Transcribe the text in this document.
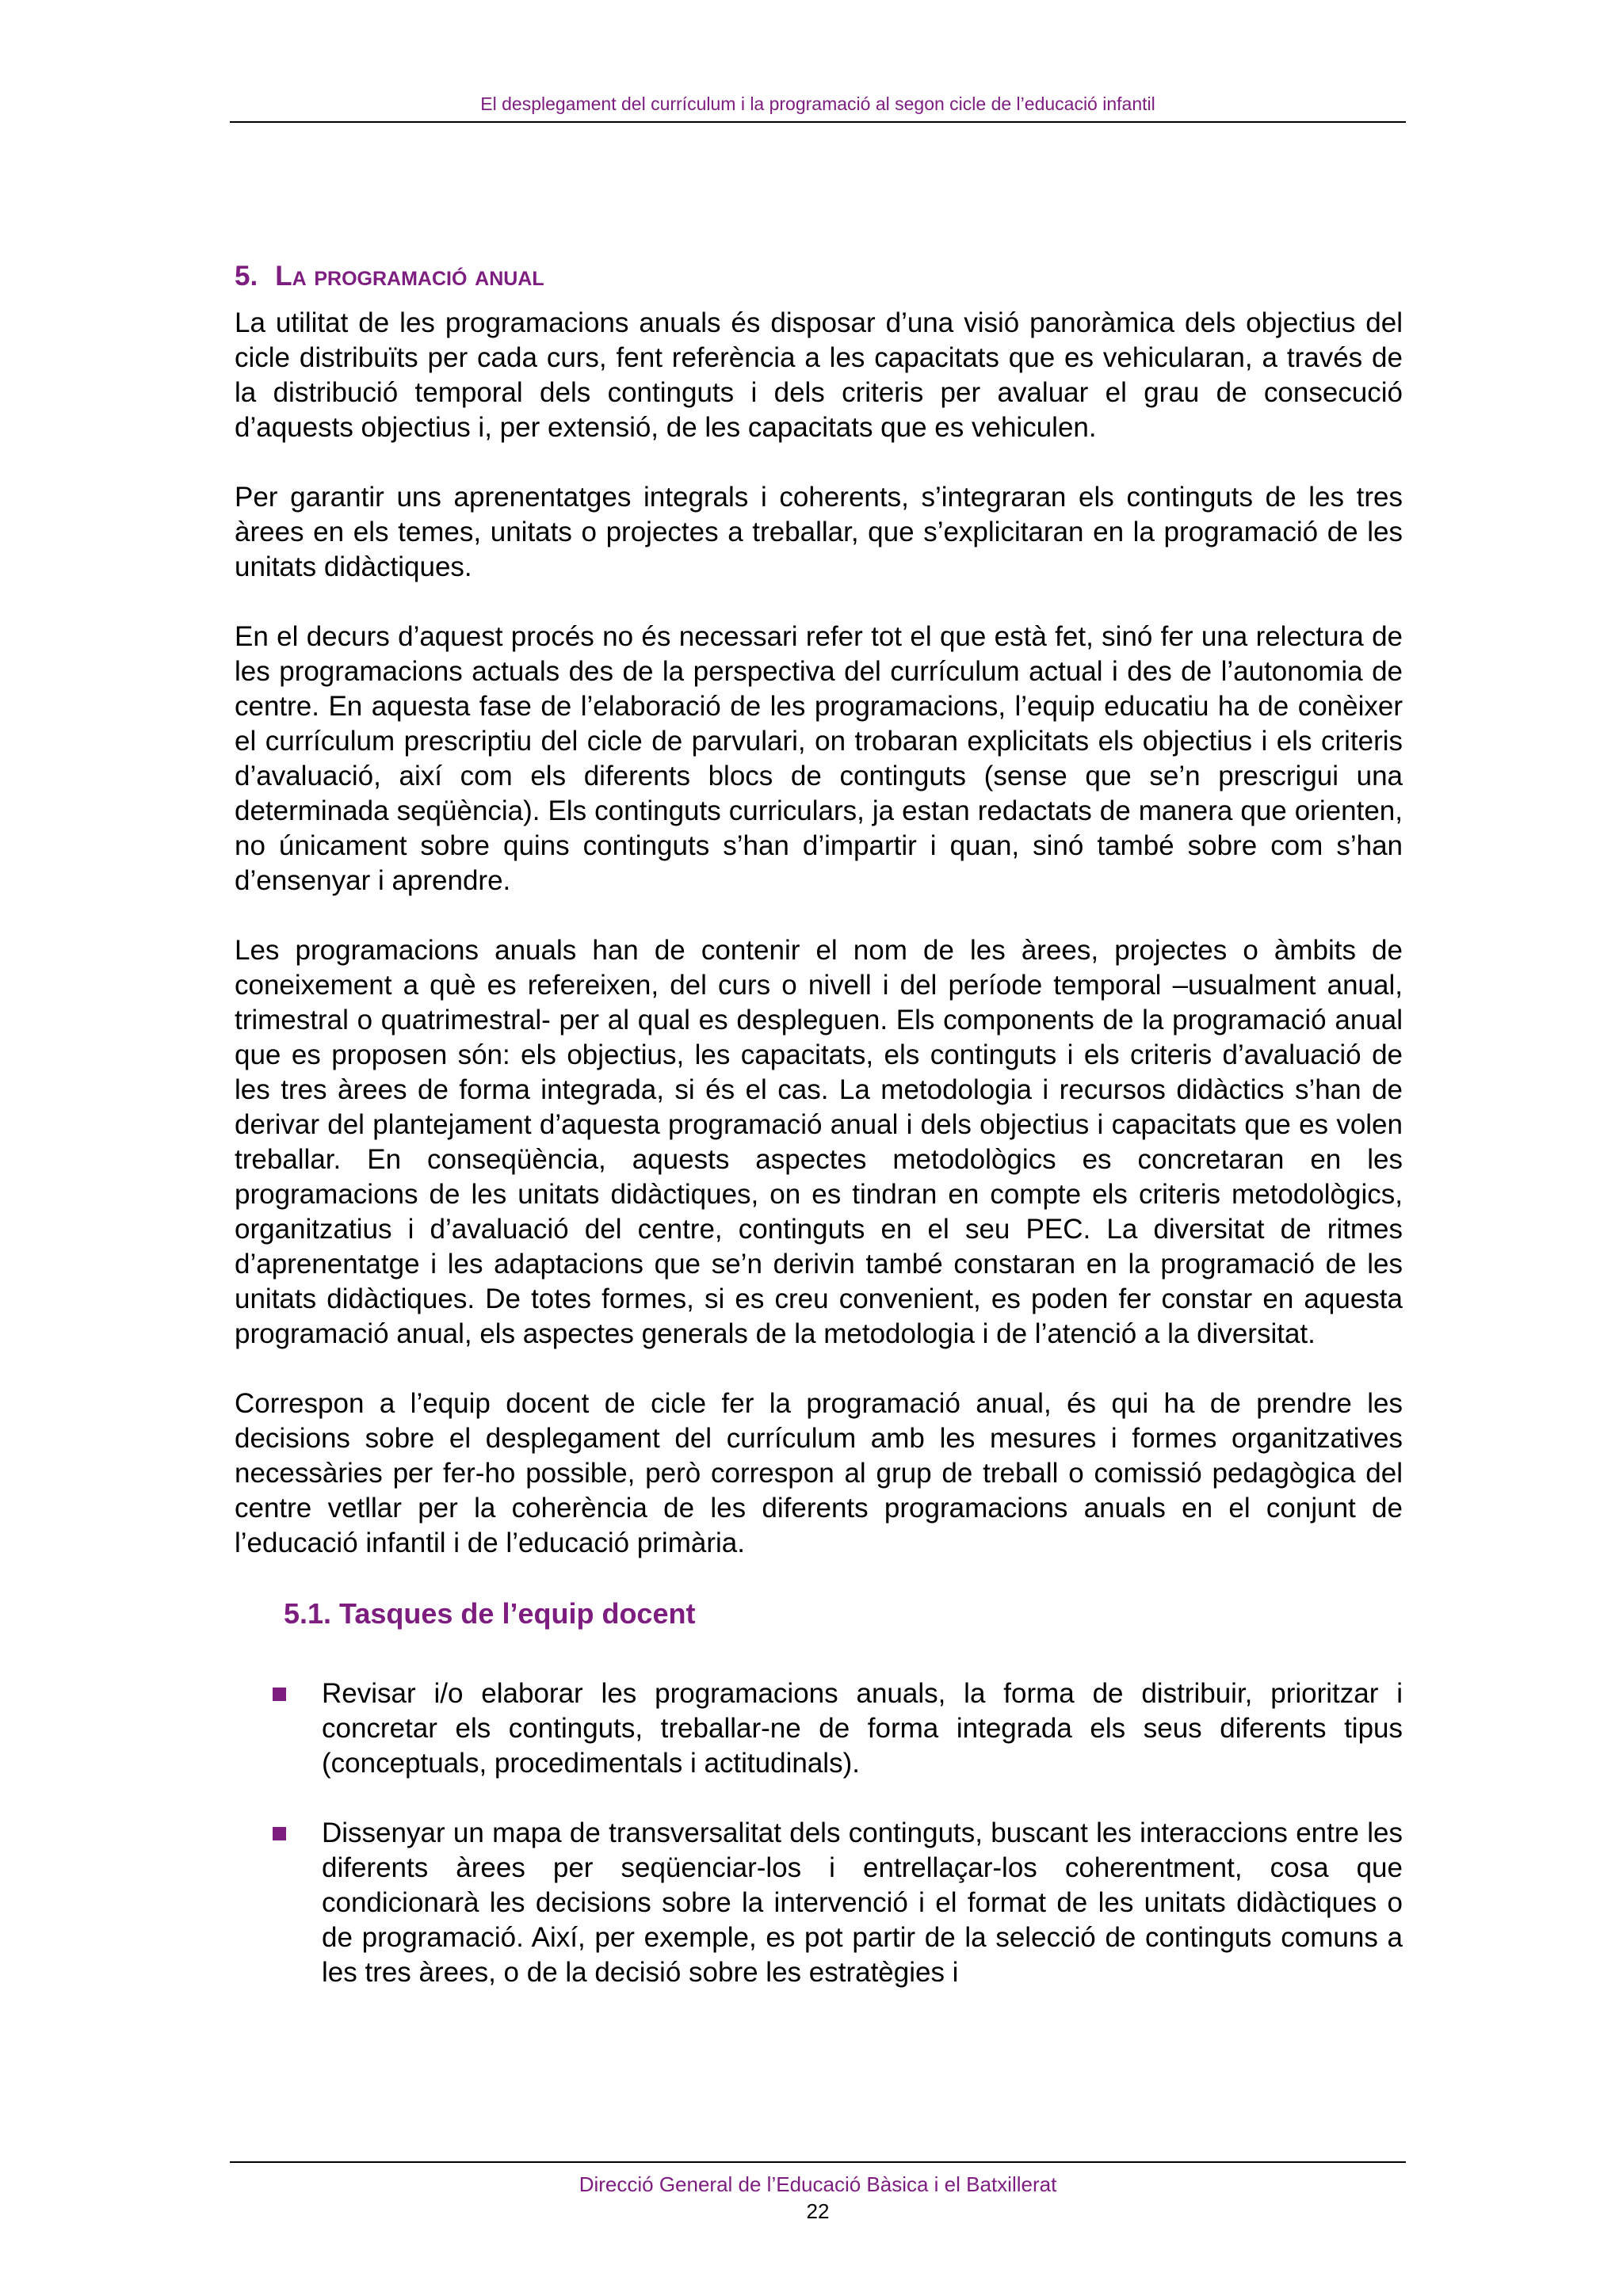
El desplegament del currículum i la programació al segon cicle de l’educació infantil
5. La programació anual

La utilitat de les programacions anuals és disposar d’una visió panoràmica dels objectius del cicle distribuïts per cada curs, fent referència a les capacitats que es vehicularan, a través de la distribució temporal dels continguts i dels criteris per avaluar el grau de consecució d’aquests objectius i, per extensió, de les capacitats que es vehiculen.

Per garantir uns aprenentatges integrals i coherents, s’integraran els continguts de les tres àrees en els temes, unitats o projectes a treballar, que s’explicitaran en la programació de les unitats didàctiques.

En el decurs d’aquest procés no és necessari refer tot el que està fet, sinó fer una relectura de les programacions actuals des de la perspectiva del currículum actual i des de l’autonomia de centre. En aquesta fase de l’elaboració de les programacions, l’equip educatiu ha de conèixer el currículum prescriptiu del cicle de parvulari, on trobaran explicitats els objectius i els criteris d’avaluació, així com els diferents blocs de continguts (sense que se’n prescrigui una determinada seqüència). Els continguts curriculars, ja estan redactats de manera que orienten, no únicament sobre quins continguts s’han d’impartir i quan, sinó també sobre com s’han d’ensenyar i aprendre.

Les programacions anuals han de contenir el nom de les àrees, projectes o àmbits de coneixement a què es refereixen, del curs o nivell i del període temporal –usualment anual, trimestral o quatrimestral- per al qual es despleguen. Els components de la programació anual que es proposen són: els objectius, les capacitats, els continguts i els criteris d’avaluació de les tres àrees de forma integrada, si és el cas. La metodologia i recursos didàctics s’han de derivar del plantejament d’aquesta programació anual i dels objectius i capacitats que es volen treballar. En conseqüència, aquests aspectes metodològics es concretaran en les programacions de les unitats didàctiques, on es tindran en compte els criteris metodològics, organitzatius i d’avaluació del centre, continguts en el seu PEC. La diversitat de ritmes d’aprenentatge i les adaptacions que se’n derivin també constaran en la programació de les unitats didàctiques. De totes formes, si es creu convenient, es poden fer constar en aquesta programació anual, els aspectes generals de la metodologia i de l’atenció a la diversitat.

Correspon a l’equip docent de cicle fer la programació anual, és qui ha de prendre les decisions sobre el desplegament del currículum amb les mesures i formes organitzatives necessàries per fer-ho possible, però correspon al grup de treball o comissió pedagògica del centre vetllar per la coherència de les diferents programacions anuals en el conjunt de l’educació infantil i de l’educació primària.

5.1. Tasques de l’equip docent
Revisar i/o elaborar les programacions anuals, la forma de distribuir, prioritzar i concretar els continguts, treballar-ne de forma integrada els seus diferents tipus (conceptuals, procedimentals i actitudinals).
Dissenyar un mapa de transversalitat dels continguts, buscant les interaccions entre les diferents àrees per seqüenciar-los i entrellaçar-los coherentment, cosa que condicionarà les decisions sobre la intervenció i el format de les unitats didàctiques o de programació. Així, per exemple, es pot partir de la selecció de continguts comuns a les tres àrees, o de la decisió sobre les estratègies i
Direcció General de l’Educació Bàsica i el Batxillerat
22
